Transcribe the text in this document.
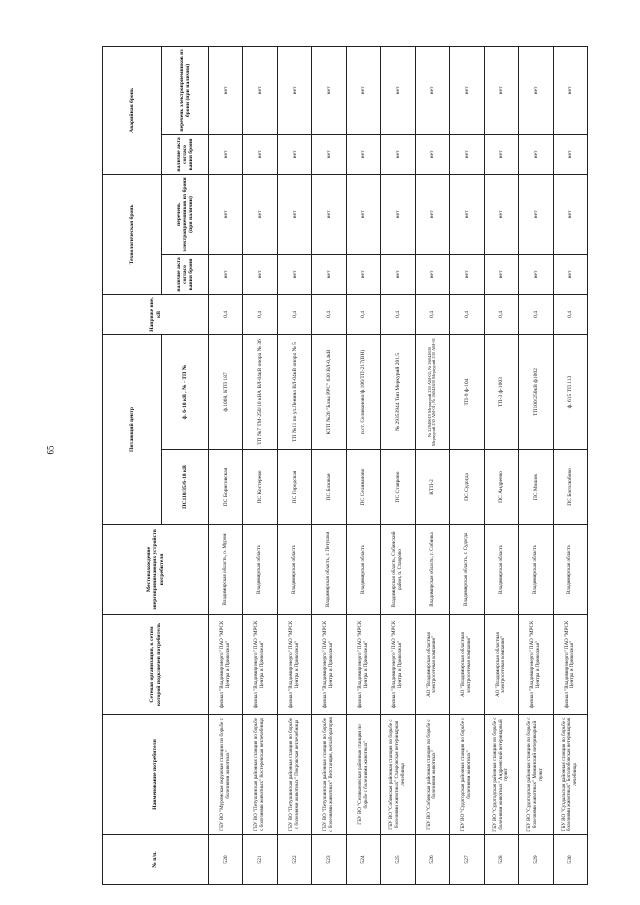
65
№ п/п.	Наименование потребителя	Сетевая организация, к сетям которой подключен потребитель	Местонахождение энергопринимающих устройств потребителя	Питающий центр		Напряже ние, кВ	Технологическая бронь		Аварийная бронь	
				ПС110/35/6-10 кВ	ф. 6-10 кВ , № - ТП №					
							наличие акта согласо вания брони	перечень электроприемников из брони (при наличии)	наличие акта согласо вания брони	перечень электроприемников из брони (при наличии)
520	ГБУ ВО "Муромская окружная станции по борьбе с болезнями животных"	филиал "Владимирэнерго" ПАО "МРСК Центра и Приволжья"	Владимирская область, о. Муром	ПС Борисовская	ф.1008, КТП 187	0,4	нет	нет	нет	нет
521	ГБУ ВО "Петушинская районная станция по борьбе с болезнями животных" Костеревская ветлечебница	филиал "Владимирэнерго" ПАО "МРСК Центра и Приволжья"	Владимирская область	ПС Костерево	ТП №7 ТМ-250/10 кВА ВЛ-04кВ опора № 36	0,4	нет	нет	нет	нет
522	ГБУ ВО "Петушинская районная станция по борьбе с болезнями животных" Покровская ветлечебница	филиал "Владимирэнерго" ПАО "МРСК Центра и Приволжья"	Владимирская область	ПС Городская	ТП №11 по ул.Ленина ВЛ-04кВ опора № 5	0,4	нет	нет	нет	нет
523	ГБУ ВО "Петушинская районная станция по борьбе с болезнями животных" Ветстанция, ветлаборатория	филиал "Владимирэнерго" ПАО "МРСК Центра и Приволжья"	Владимирская область, г. Петушки	ПС Базовая	КТП №20 "Базы РРС" 630 ВЛ-0,4кВ	0,4	нет	нет	нет	нет
524	ГБУ ВО "Селивановская районная станции по борьбе с болезнями животных"	филиал "Владимирэнерго" ПАО "МРСК Центра и Приволжья"	Владимирская область	ПС Селиваново	п.ст. Селиваново/ф.106/ТП-217(ВН)	0,4	нет	нет	нет	нет
525	ГБУ ВО "Собинская районная станция по борьбе с болезнями животных" Ставровская ветеринарная лечебница	филиал "Владимирэнерго" ПАО "МРСК Центра и Приволжья"	Владимирская область, Собинский район, п. Ставрово	ПС Ставрово	№ 29353944 Тип Меркурий 201.5	0,4	нет	нет	нет	нет
526	ГБУ ВО "Собинская районная станция по борьбе с болезнями животных"	АО "Владимирская областная электросетевая компания"	Владимирская область, г. Собинка	КТП-2	№ 22940619 Меркурий 230 АМ-02; № 26042630 Меркурий 230 АМ-01; № 26042630 Меркурий 230 АМ-01	0,4	нет	нет	нет	нет
527	ГБУ ВО "Судогодская районная станция по борьбе с болезнями животных"	АО "Владимирская областная электросетевая компания"	Владимирская область, г. Судогда	ПС Судогда	ТП-9 ф-104	0,4	нет	нет	нет	нет
528	ГБУ ВО "Судогодская районная станции по борьбе с болезнями животных" Андреевский ветеринарный пункт	АО "Владимирская областная электросетевая компания"	Владимирская область	ПС Андреево	ТП-3 ф-1003	0,4	нет	нет	нет	нет
529	ГБУ ВО "Судогодская районная станции по борьбе с болезнями животных" Моминский ветеринарный пункт	филиал "Владимирэнерго" ПАО "МРСК Центра и Приволжья"	Владимирская область	ПС Мошок	ТП100/250кВ ф1002	0,4	нет	нет	нет	нет
530	ГБУ ВО "Суздальская районная станция по борьбе с болезнями животных" Боголюбовская ветеринарная лечебница	филиал "Владимирэнерго" ПАО "МРСК Центра и Приволжья"	Владимирская область	ПС Боголюбово	ф. 615 ТП 113	0,4	нет	нет	нет	нет
